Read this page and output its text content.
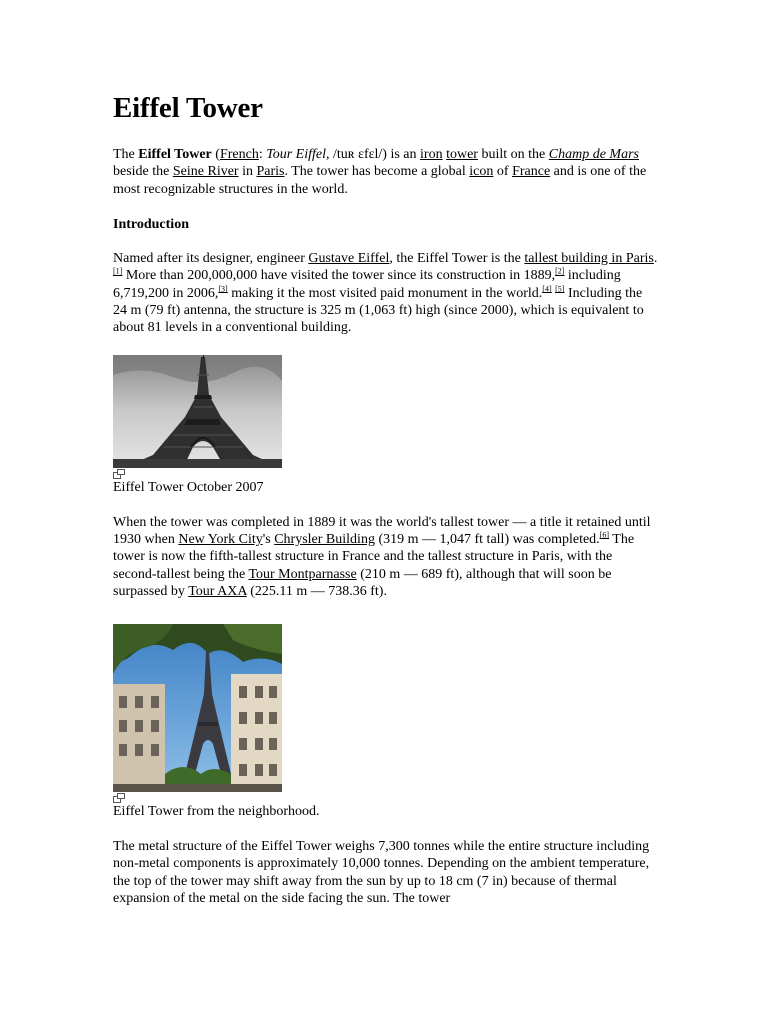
Eiffel Tower

The Eiffel Tower (French: Tour Eiffel, /tuʀ ɛfɛl/) is an iron tower built on the Champ de Mars beside the Seine River in Paris. The tower has become a global icon of France and is one of the most recognizable structures in the world.

Introduction

Named after its designer, engineer Gustave Eiffel, the Eiffel Tower is the tallest building in Paris.[1] More than 200,000,000 have visited the tower since its construction in 1889,[2] including 6,719,200 in 2006,[3] making it the most visited paid monument in the world.[4] [5] Including the 24 m (79 ft) antenna, the structure is 325 m (1,063 ft) high (since 2000), which is equivalent to about 81 levels in a conventional building.

Eiffel Tower October 2007

When the tower was completed in 1889 it was the world's tallest tower — a title it retained until 1930 when New York City's Chrysler Building (319 m — 1,047 ft tall) was completed.[6] The tower is now the fifth-tallest structure in France and the tallest structure in Paris, with the second-tallest being the Tour Montparnasse (210 m — 689 ft), although that will soon be surpassed by Tour AXA (225.11 m — 738.36 ft).

Eiffel Tower from the neighborhood.

The metal structure of the Eiffel Tower weighs 7,300 tonnes while the entire structure including non-metal components is approximately 10,000 tonnes. Depending on the ambient temperature, the top of the tower may shift away from the sun by up to 18 cm (7 in) because of thermal expansion of the metal on the side facing the sun. The tower
